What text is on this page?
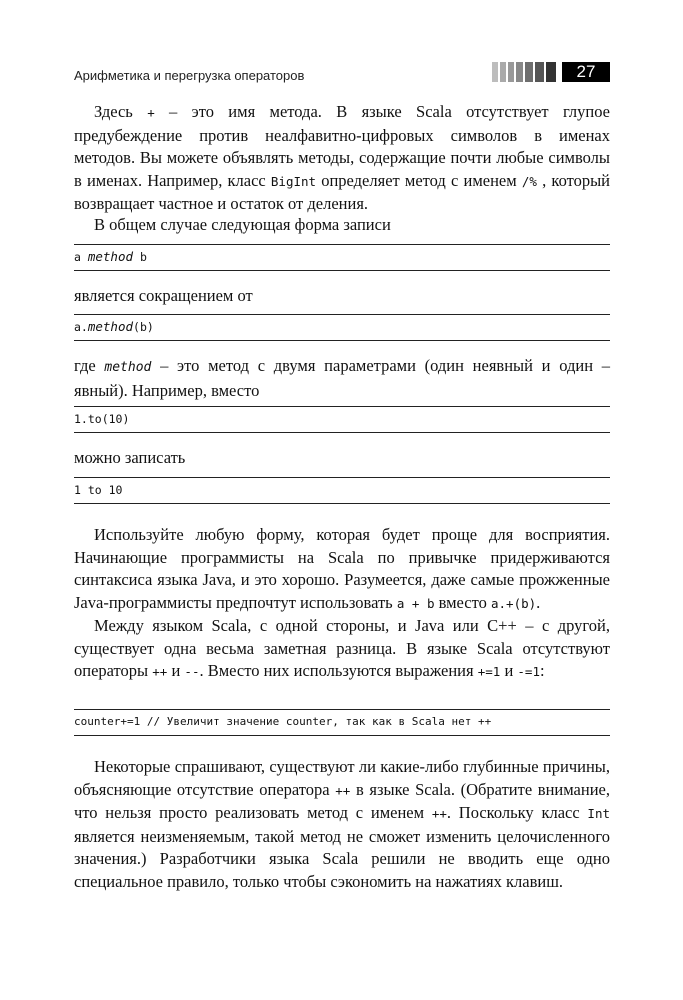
Арифметика и перегрузка операторов	27

Здесь + – это имя метода. В языке Scala отсутствует глупое предубеждение против неалфавитно-цифровых символов в именах методов. Вы можете объявлять методы, содержащие почти любые символы в именах. Например, класс BigInt определяет метод с именем /% , который возвращает частное и остаток от деления.

В общем случае следующая форма записи

a method b

является сокращением от

a.method(b)

где method – это метод с двумя параметрами (один неявный и один – явный). Например, вместо

1.to(10)

можно записать

1 to 10

Используйте любую форму, которая будет проще для восприятия. Начинающие программисты на Scala по привычке придерживаются синтаксиса языка Java, и это хорошо. Разумеется, даже самые прожженные Java-программисты предпочтут использовать a + b вместо a.+(b).

Между языком Scala, с одной стороны, и Java или C++ – с другой, существует одна весьма заметная разница. В языке Scala отсутствуют операторы ++ и --. Вместо них используются выражения +=1 и -=1:

counter+=1 // Увеличит значение counter, так как в Scala нет ++

Некоторые спрашивают, существуют ли какие-либо глубинные причины, объясняющие отсутствие оператора ++ в языке Scala. (Обратите внимание, что нельзя просто реализовать метод с именем ++. Поскольку класс Int является неизменяемым, такой метод не сможет изменить целочисленного значения.) Разработчики языка Scala решили не вводить еще одно специальное правило, только чтобы сэкономить на нажатиях клавиш.
